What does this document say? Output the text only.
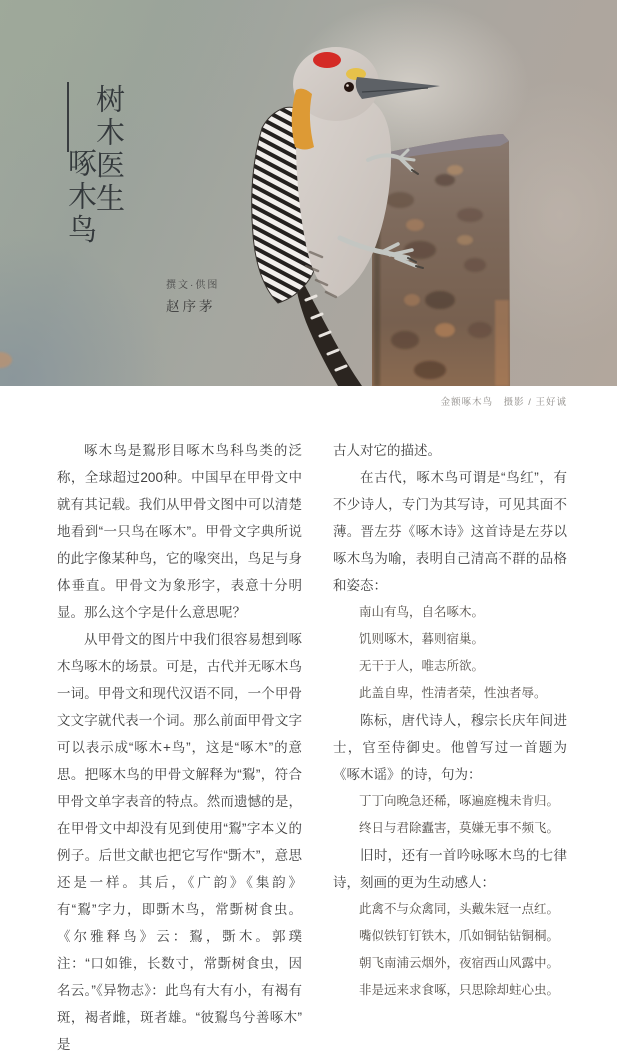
树木医生
啄木鸟
撰文·供图
赵序茅
金额啄木鸟　摄影 / 王好诚

啄木鸟是鴷形目啄木鸟科鸟类的泛称，全球超过200种。中国早在甲骨文中就有其记载。我们从甲骨文图中可以清楚地看到“一只鸟在啄木”。甲骨文字典所说的此字像某种鸟，它的喙突出，鸟足与身体垂直。甲骨文为象形字，表意十分明显。那么这个字是什么意思呢？

从甲骨文的图片中我们很容易想到啄木鸟啄木的场景。可是，古代并无啄木鸟一词。甲骨文和现代汉语不同，一个甲骨文文字就代表一个词。那么前面甲骨文字可以表示成“啄木+鸟”，这是“啄木”的意思。把啄木鸟的甲骨文解释为“鴷”，符合甲骨文单字表音的特点。然而遗憾的是，在甲骨文中却没有见到使用“鴷”字本义的例子。后世文献也把它写作“斲木”，意思还是一样。其后，《广韵》《集韵》有“鴷”字力，即斲木鸟，常斲树食虫。《尔雅释鸟》云：鴷，斲木。郭璞注：“口如锥，长数寸，常斲树食虫，因名云。”《异物志》：此鸟有大有小，有褐有斑，褐者雌，斑者雄。“彼鴷鸟兮善啄木” 是

古人对它的描述。

在古代，啄木鸟可谓是“鸟红”，有不少诗人，专门为其写诗，可见其面不薄。晋左芬《啄木诗》这首诗是左芬以啄木鸟为喻，表明自己清高不群的品格和姿态：

南山有鸟，自名啄木。
饥则啄木，暮则宿巢。
无干于人，唯志所欲。
此盖自卑，性清者荣，性浊者辱。

陈标，唐代诗人，穆宗长庆年间进士，官至侍御史。他曾写过一首题为《啄木谣》的诗，句为：

丁丁向晚急还稀，啄遍庭槐未肯归。
终日与君除蠹害，莫嫌无事不频飞。

旧时，还有一首吟咏啄木鸟的七律诗，刻画的更为生动感人：

此禽不与众禽同，头戴朱冠一点红。
嘴似铁钉钉铁木，爪如铜钻钻铜桐。
朝飞南浦云烟外，夜宿西山风露中。
非是远来求食啄，只思除却蛀心虫。
